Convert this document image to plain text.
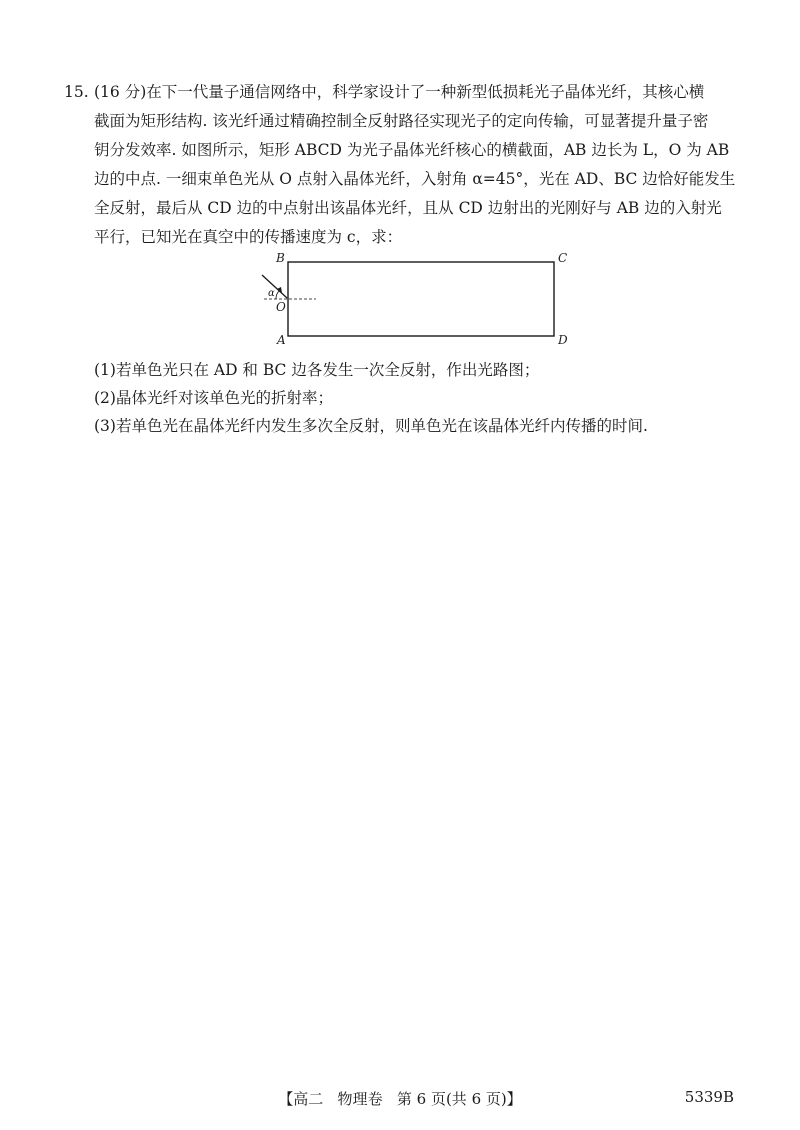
15. (16 分)在下一代量子通信网络中，科学家设计了一种新型低损耗光子晶体光纤，其核心横
截面为矩形结构. 该光纤通过精确控制全反射路径实现光子的定向传输，可显著提升量子密
钥分发效率. 如图所示，矩形 ABCD 为光子晶体光纤核心的横截面，AB 边长为 L，O 为 AB
边的中点. 一细束单色光从 O 点射入晶体光纤，入射角 α=45°，光在 AD、BC 边恰好能发生
全反射，最后从 CD 边的中点射出该晶体光纤，且从 CD 边射出的光刚好与 AB 边的入射光
平行，已知光在真空中的传播速度为 c，求：
B	C
A	D
O
α
(1)若单色光只在 AD 和 BC 边各发生一次全反射，作出光路图；
(2)晶体光纤对该单色光的折射率；
(3)若单色光在晶体光纤内发生多次全反射，则单色光在该晶体光纤内传播的时间.
【高二   物理卷   第 6 页(共 6 页)】	5339B
